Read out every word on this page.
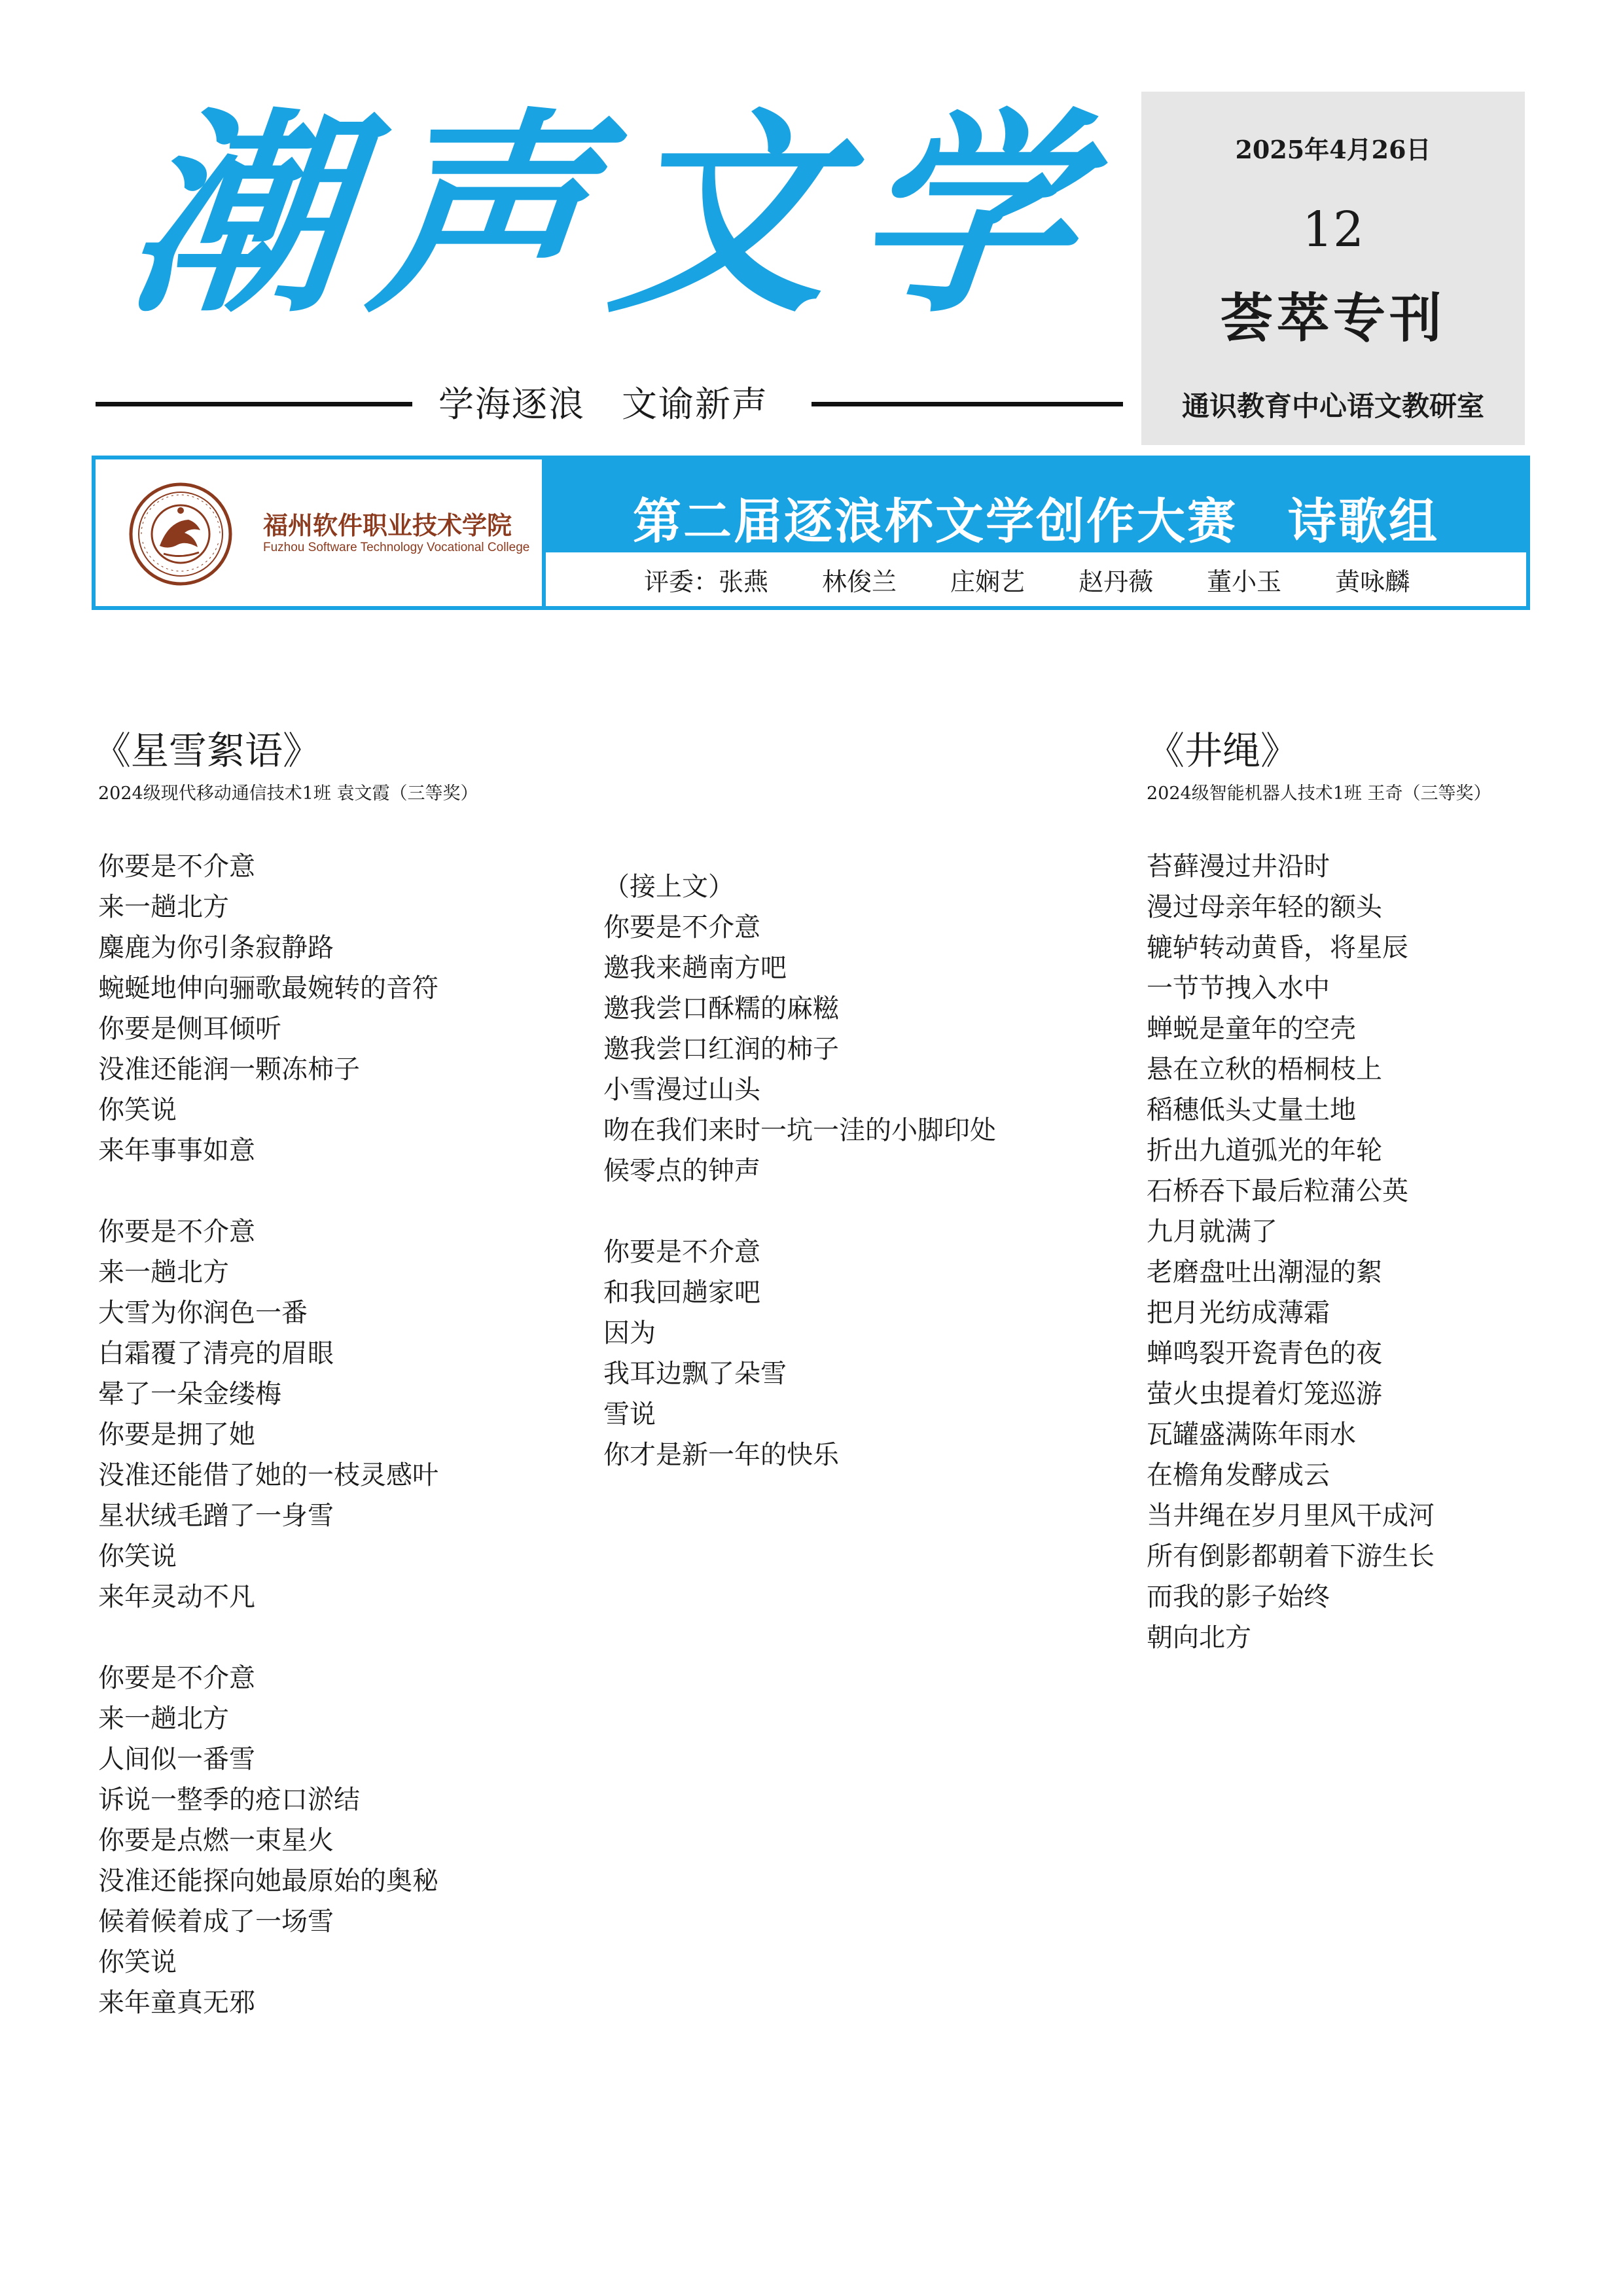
潮 声 文 学
学海逐浪　文谕新声
2025年4月26日
12
荟萃专刊
通识教育中心语文教研室
福州软件职业技术学院
Fuzhou Software Technology Vocational College	第二届逐浪杯文学创作大赛　诗歌组
评委： 张燕 林俊兰 庄娴艺 赵丹薇 董小玉 黄咏麟
《星雪絮语》
2024级现代移动通信技术1班 袁文霞（三等奖）
你要是不介意
来一趟北方
麋鹿为你引条寂静路
蜿蜒地伸向骊歌最婉转的音符
你要是侧耳倾听
没准还能润一颗冻柿子
你笑说
来年事事如意
你要是不介意
来一趟北方
大雪为你润色一番
白霜覆了清亮的眉眼
晕了一朵金缕梅
你要是拥了她
没准还能借了她的一枝灵感叶
星状绒毛蹭了一身雪
你笑说
来年灵动不凡
你要是不介意
来一趟北方
人间似一番雪
诉说一整季的疮口淤结
你要是点燃一束星火
没准还能探向她最原始的奥秘
候着候着成了一场雪
你笑说
来年童真无邪
（接上文）
你要是不介意
邀我来趟南方吧
邀我尝口酥糯的麻糍
邀我尝口红润的柿子
小雪漫过山头
吻在我们来时一坑一洼的小脚印处
候零点的钟声
你要是不介意
和我回趟家吧
因为
我耳边飘了朵雪
雪说
你才是新一年的快乐
《井绳》
2024级智能机器人技术1班 王奇（三等奖）
苔藓漫过井沿时
漫过母亲年轻的额头
辘轳转动黄昏，将星辰
一节节拽入水中
蝉蜕是童年的空壳
悬在立秋的梧桐枝上
稻穗低头丈量土地
折出九道弧光的年轮
石桥吞下最后粒蒲公英
九月就满了
老磨盘吐出潮湿的絮
把月光纺成薄霜
蝉鸣裂开瓷青色的夜
萤火虫提着灯笼巡游
瓦罐盛满陈年雨水
在檐角发酵成云
当井绳在岁月里风干成河
所有倒影都朝着下游生长
而我的影子始终
朝向北方
